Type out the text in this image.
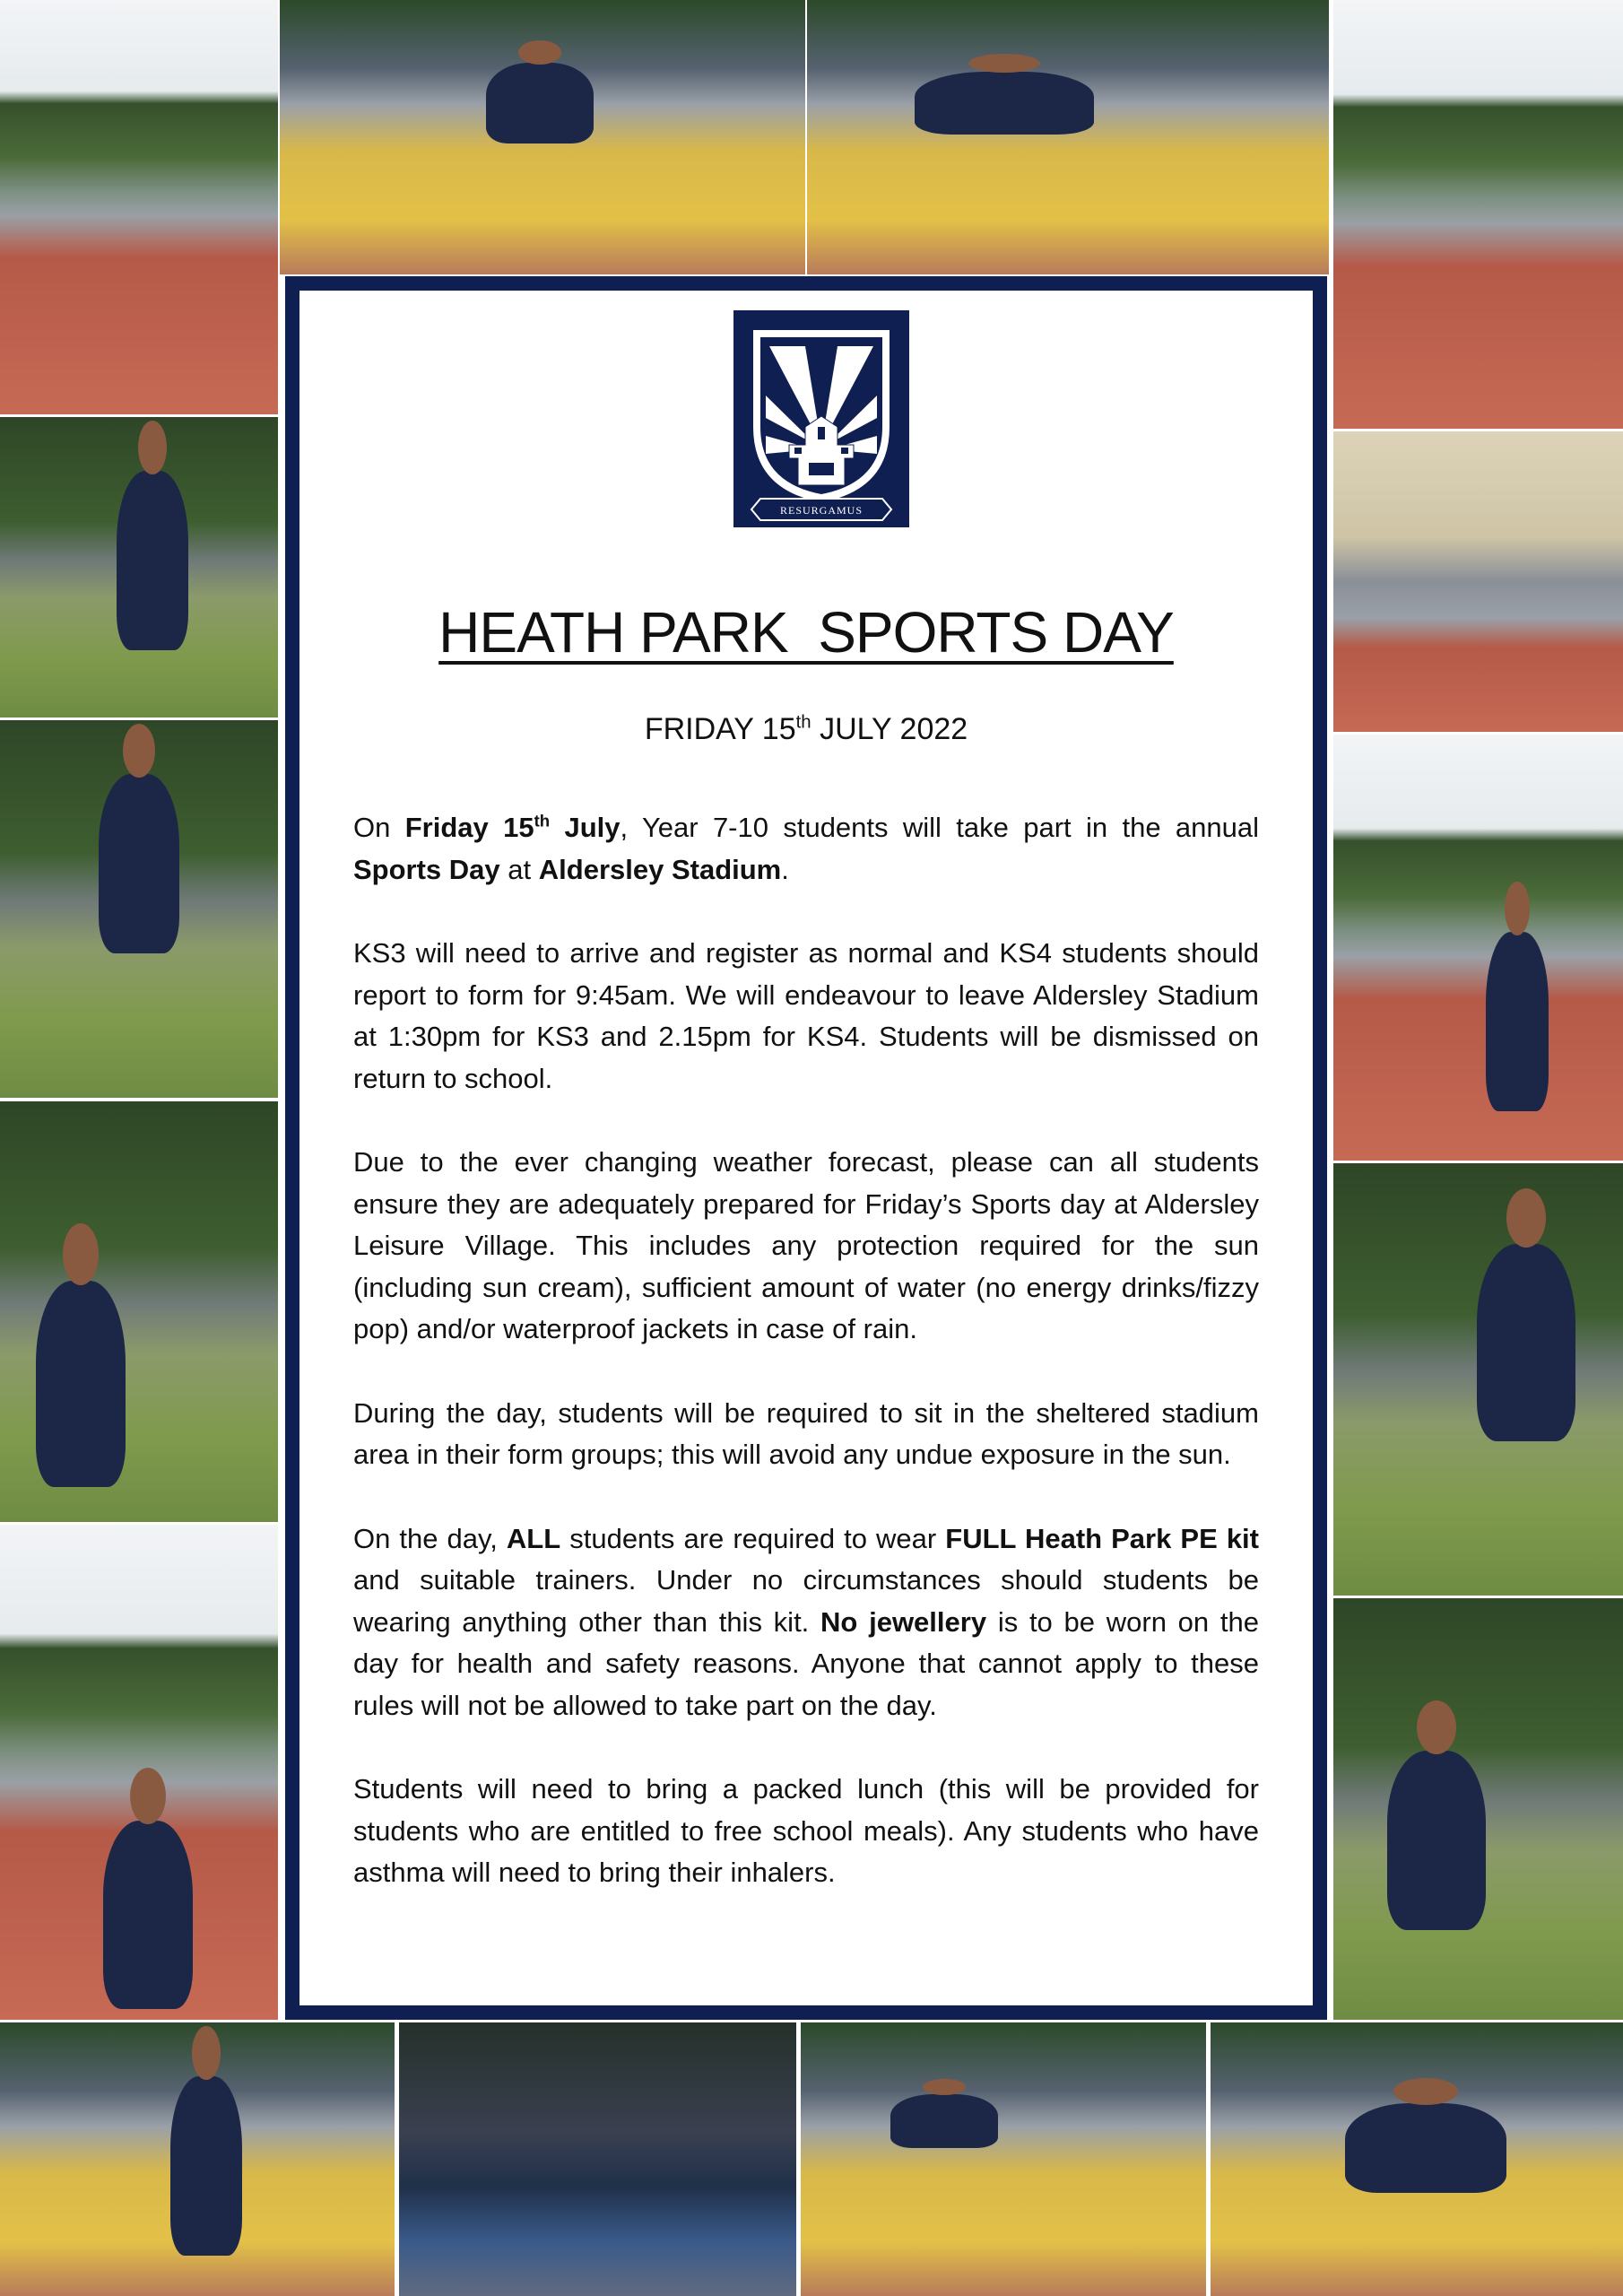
RESURGAMUS
HEATH PARK  SPORTS DAY
FRIDAY 15th JULY 2022

On Friday 15th July, Year 7-10 students will take part in the annual Sports Day at Aldersley Stadium.

KS3 will need to arrive and register as normal and KS4 students should report to form for 9:45am. We will endeavour to leave Aldersley Stadium at 1:30pm for KS3 and 2.15pm for KS4. Students will be dismissed on return to school.

Due to the ever changing weather forecast, please can all students ensure they are adequately prepared for Friday’s Sports day at Aldersley Leisure Village. This includes any protection required for the sun (including sun cream), sufficient amount of water (no energy drinks/fizzy pop) and/or waterproof jackets in case of rain.

During the day, students will be required to sit in the sheltered stadium area in their form groups; this will avoid any undue exposure in the sun.

On the day, ALL students are required to wear FULL Heath Park PE kit and suitable trainers. Under no circumstances should students be wearing anything other than this kit. No jewellery is to be worn on the day for health and safety reasons. Anyone that cannot apply to these rules will not be allowed to take part on the day.

Students will need to bring a packed lunch (this will be provided for students who are entitled to free school meals). Any students who have asthma will need to bring their inhalers.
